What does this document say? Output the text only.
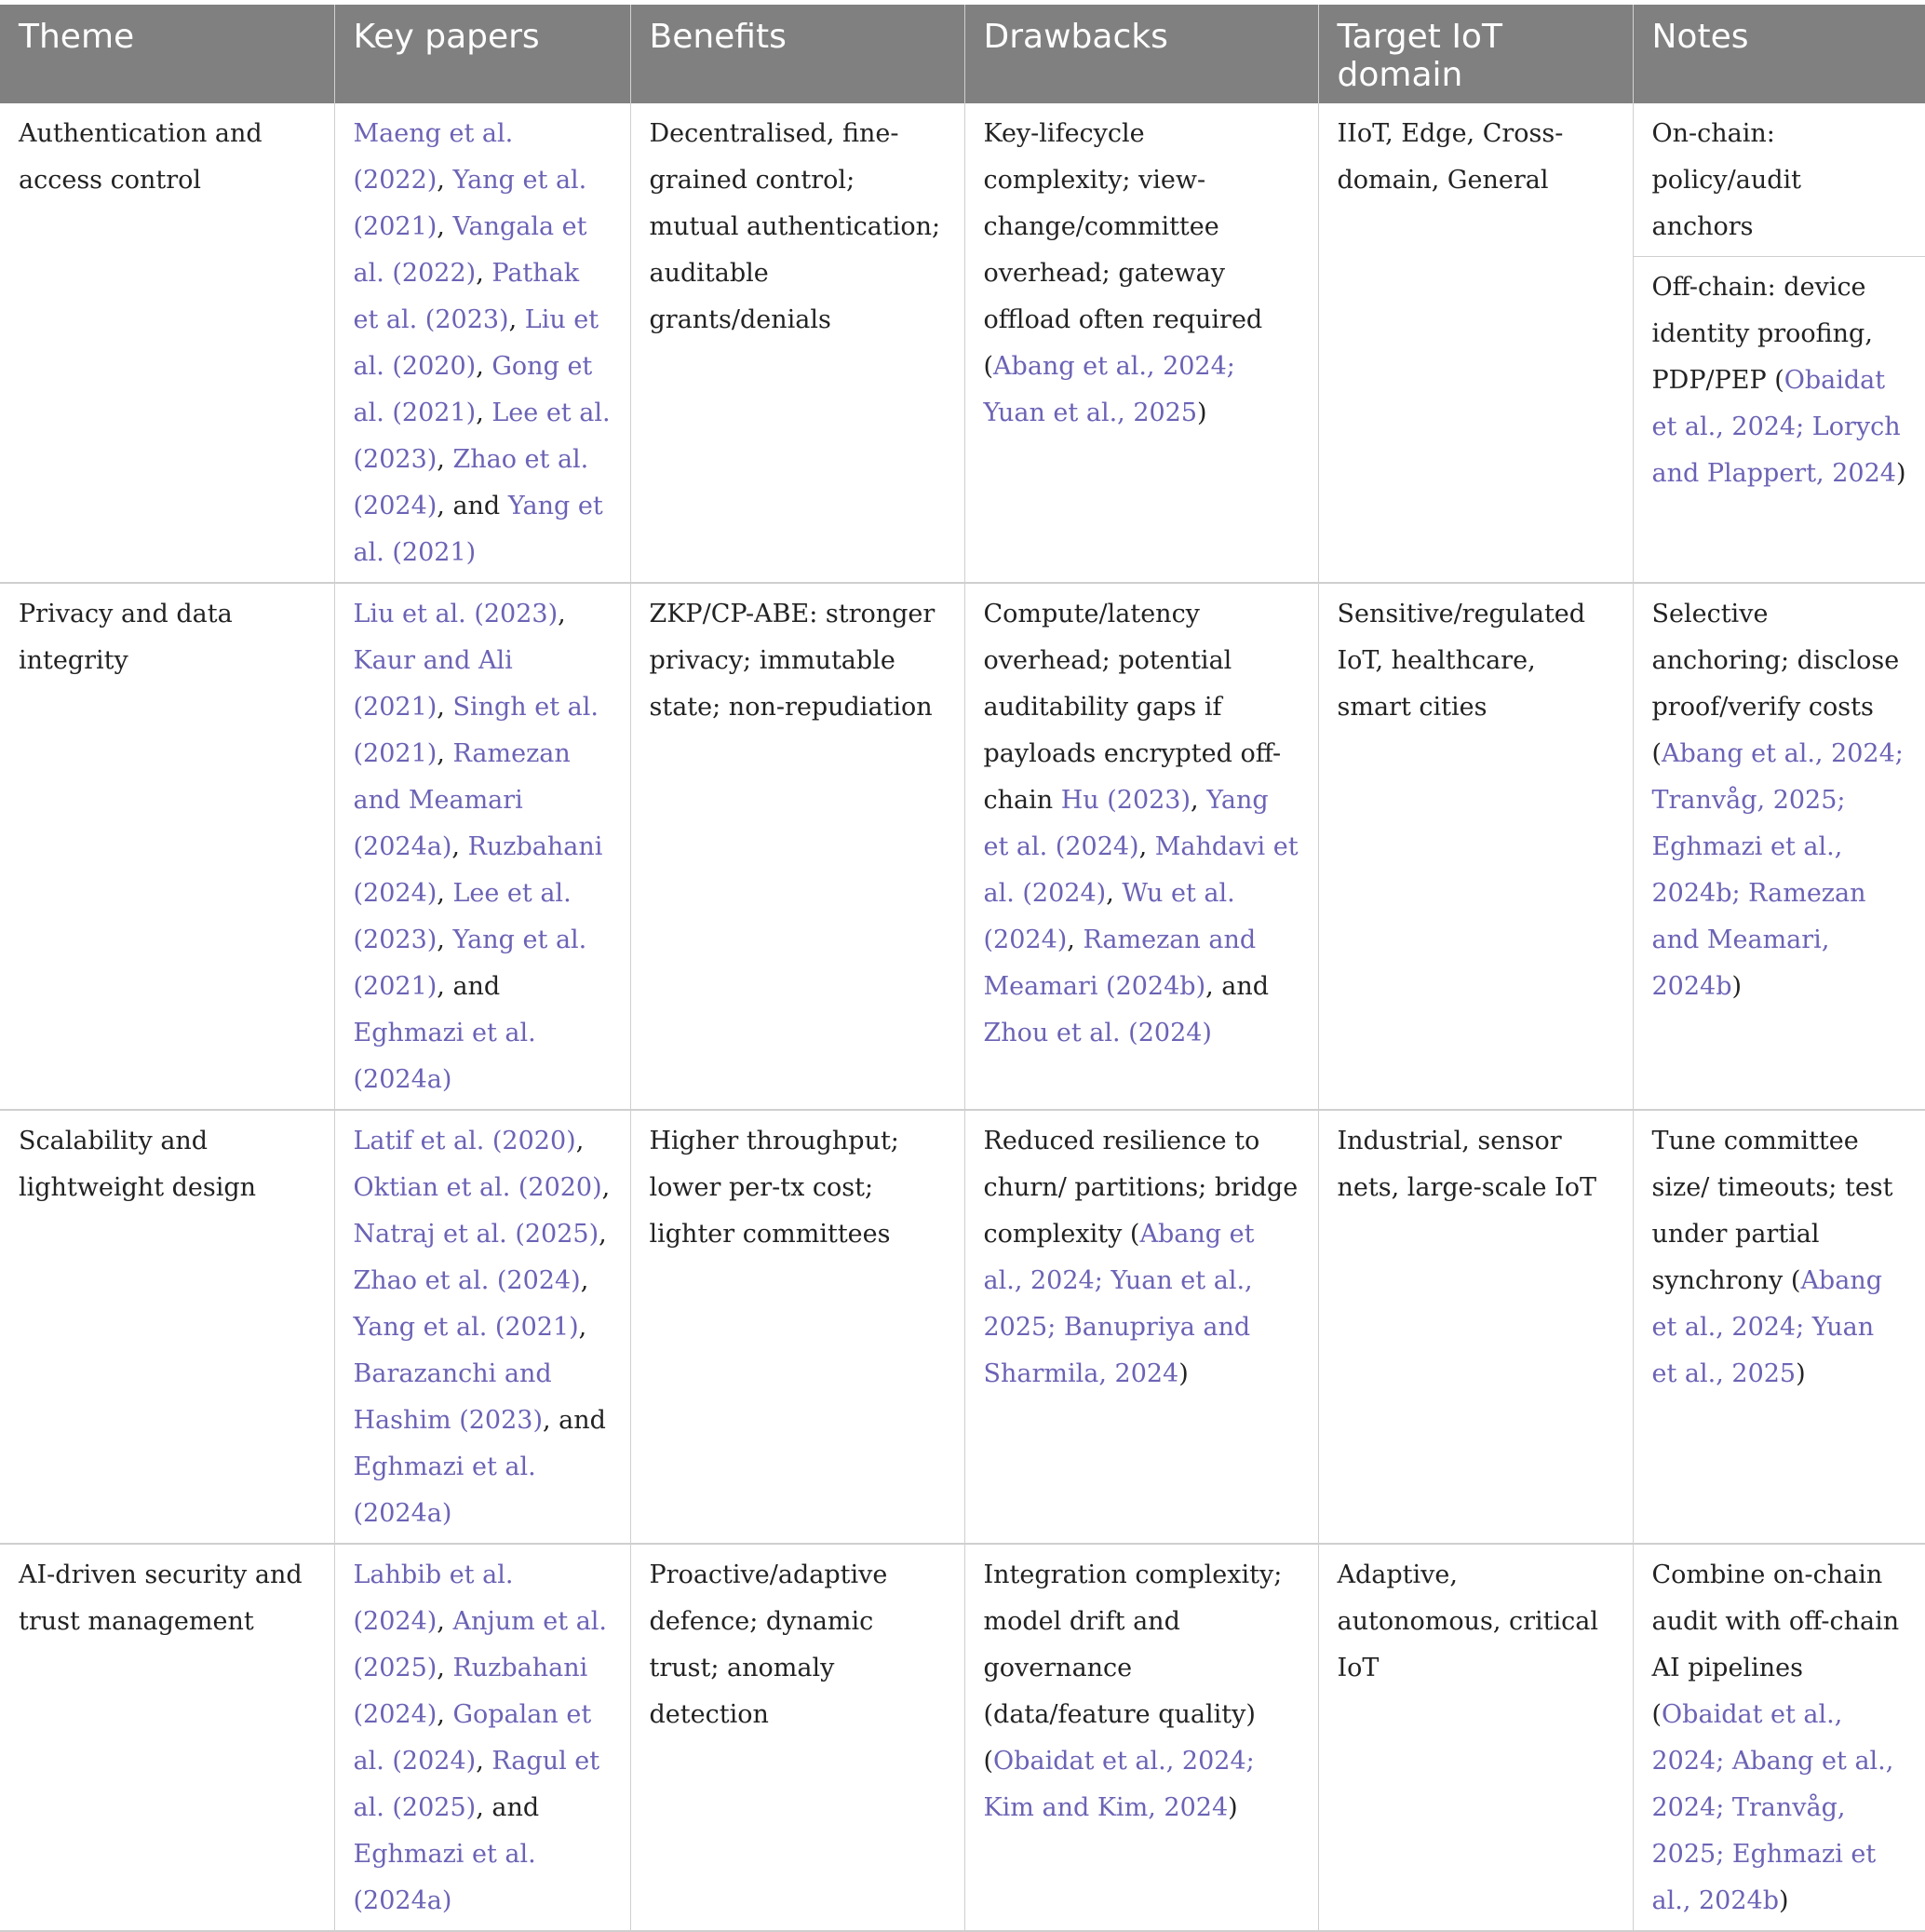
Theme	Key papers	Benefits	Drawbacks	Target IoT domain	Notes
Authentication and access control	Maeng et al. (2022), Yang et al. (2021), Vangala et al. (2022), Pathak et al. (2023), Liu et al. (2020), Gong et al. (2021), Lee et al. (2023), Zhao et al. (2024), and Yang et al. (2021)	Decentralised, fine-grained control; mutual authentication; auditable grants/denials	Key-lifecycle complexity; view-change/committee overhead; gateway offload often required (Abang et al., 2024; Yuan et al., 2025)	IIoT, Edge, Cross-domain, General	On-chain: policy/audit anchors
Off-chain: device identity proofing, PDP/PEP (Obaidat et al., 2024; Lorych and Plappert, 2024)

Privacy and data integrity	Liu et al. (2023), Kaur and Ali (2021), Singh et al. (2021), Ramezan and Meamari (2024a), Ruzbahani (2024), Lee et al. (2023), Yang et al. (2021), and Eghmazi et al. (2024a)	ZKP/CP-ABE: stronger privacy; immutable state; non-repudiation	Compute/latency overhead; potential auditability gaps if payloads encrypted off-chain Hu (2023), Yang et al. (2024), Mahdavi et al. (2024), Wu et al. (2024), Ramezan and Meamari (2024b), and Zhou et al. (2024)	Sensitive/regulated IoT, healthcare, smart cities	Selective anchoring; disclose proof/verify costs (Abang et al., 2024; Tranvåg, 2025; Eghmazi et al., 2024b; Ramezan and Meamari, 2024b)

Scalability and lightweight design	Latif et al. (2020), Oktian et al. (2020), Natraj et al. (2025), Zhao et al. (2024), Yang et al. (2021), Barazanchi and Hashim (2023), and Eghmazi et al. (2024a)	Higher throughput; lower per-tx cost; lighter committees	Reduced resilience to churn/ partitions; bridge complexity (Abang et al., 2024; Yuan et al., 2025; Banupriya and Sharmila, 2024)	Industrial, sensor nets, large-scale IoT	Tune committee size/ timeouts; test under partial synchrony (Abang et al., 2024; Yuan et al., 2025)

AI-driven security and trust management	Lahbib et al. (2024), Anjum et al. (2025), Ruzbahani (2024), Gopalan et al. (2024), Ragul et al. (2025), and Eghmazi et al. (2024a)	Proactive/adaptive defence; dynamic trust; anomaly detection	Integration complexity; model drift and governance (data/feature quality) (Obaidat et al., 2024; Kim and Kim, 2024)	Adaptive, autonomous, critical IoT	Combine on-chain audit with off-chain AI pipelines (Obaidat et al., 2024; Abang et al., 2024; Tranvåg, 2025; Eghmazi et al., 2024b)
